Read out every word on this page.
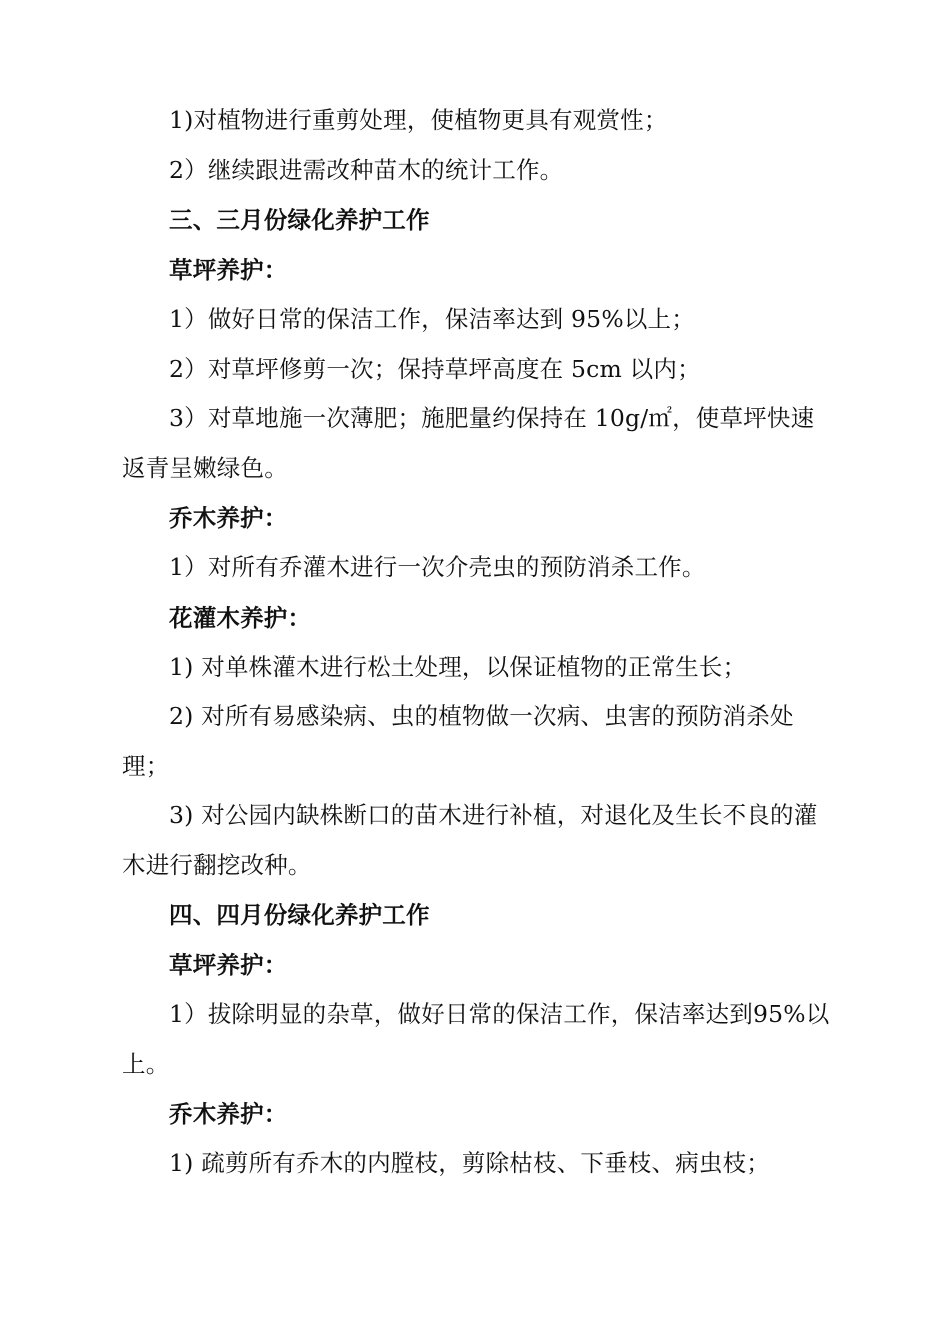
1)对植物进行重剪处理，使植物更具有观赏性；

2）继续跟进需改种苗木的统计工作。

三、三月份绿化养护工作

草坪养护：

1）做好日常的保洁工作，保洁率达到 95%以上；

2）对草坪修剪一次；保持草坪高度在 5cm 以内；

3）对草地施一次薄肥；施肥量约保持在 10g/㎡，使草坪快速返青呈嫩绿色。

乔木养护：

1）对所有乔灌木进行一次介壳虫的预防消杀工作。

花灌木养护：

1) 对单株灌木进行松土处理，以保证植物的正常生长；

2) 对所有易感染病、虫的植物做一次病、虫害的预防消杀处理；

3) 对公园内缺株断口的苗木进行补植，对退化及生长不良的灌木进行翻挖改种。

四、四月份绿化养护工作

草坪养护：

1）拔除明显的杂草，做好日常的保洁工作，保洁率达到95%以上。

乔木养护：

1) 疏剪所有乔木的内膛枝，剪除枯枝、下垂枝、病虫枝；
